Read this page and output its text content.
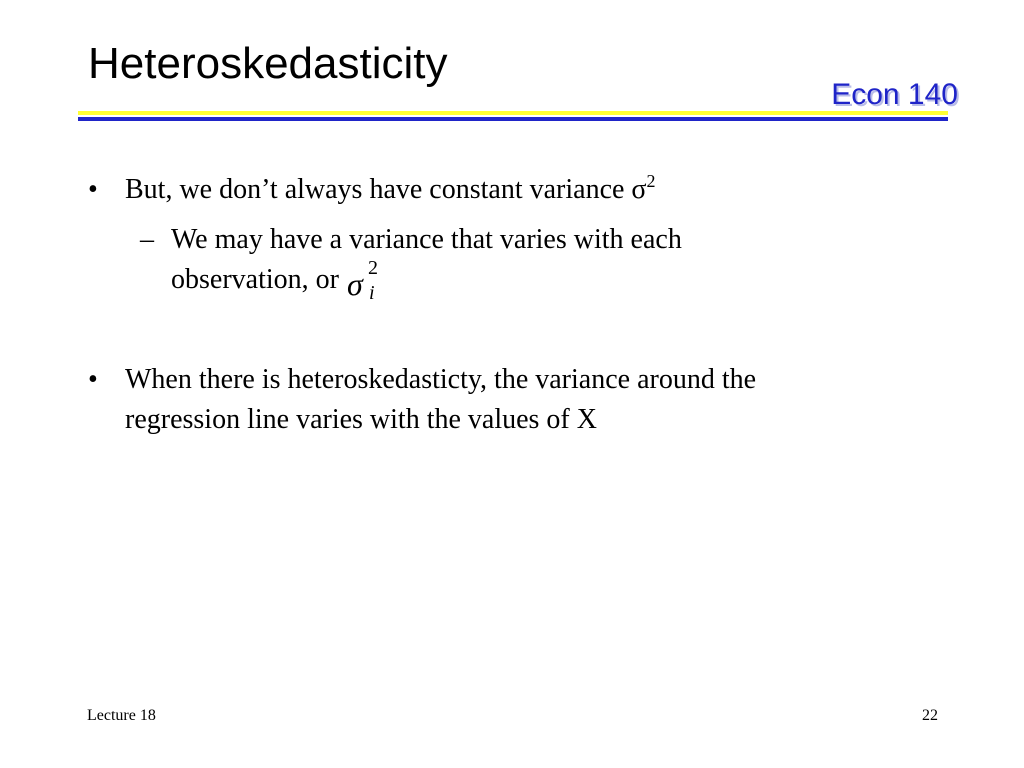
Heteroskedasticity
Econ 140
• But, we don’t always have constant variance $\sigma^2$
– We may have a variance that varies with each
observation, or σ 2
i
• When there is heteroskedasticty, the variance around the
regression line varies with the values of X
Lecture 18	22
